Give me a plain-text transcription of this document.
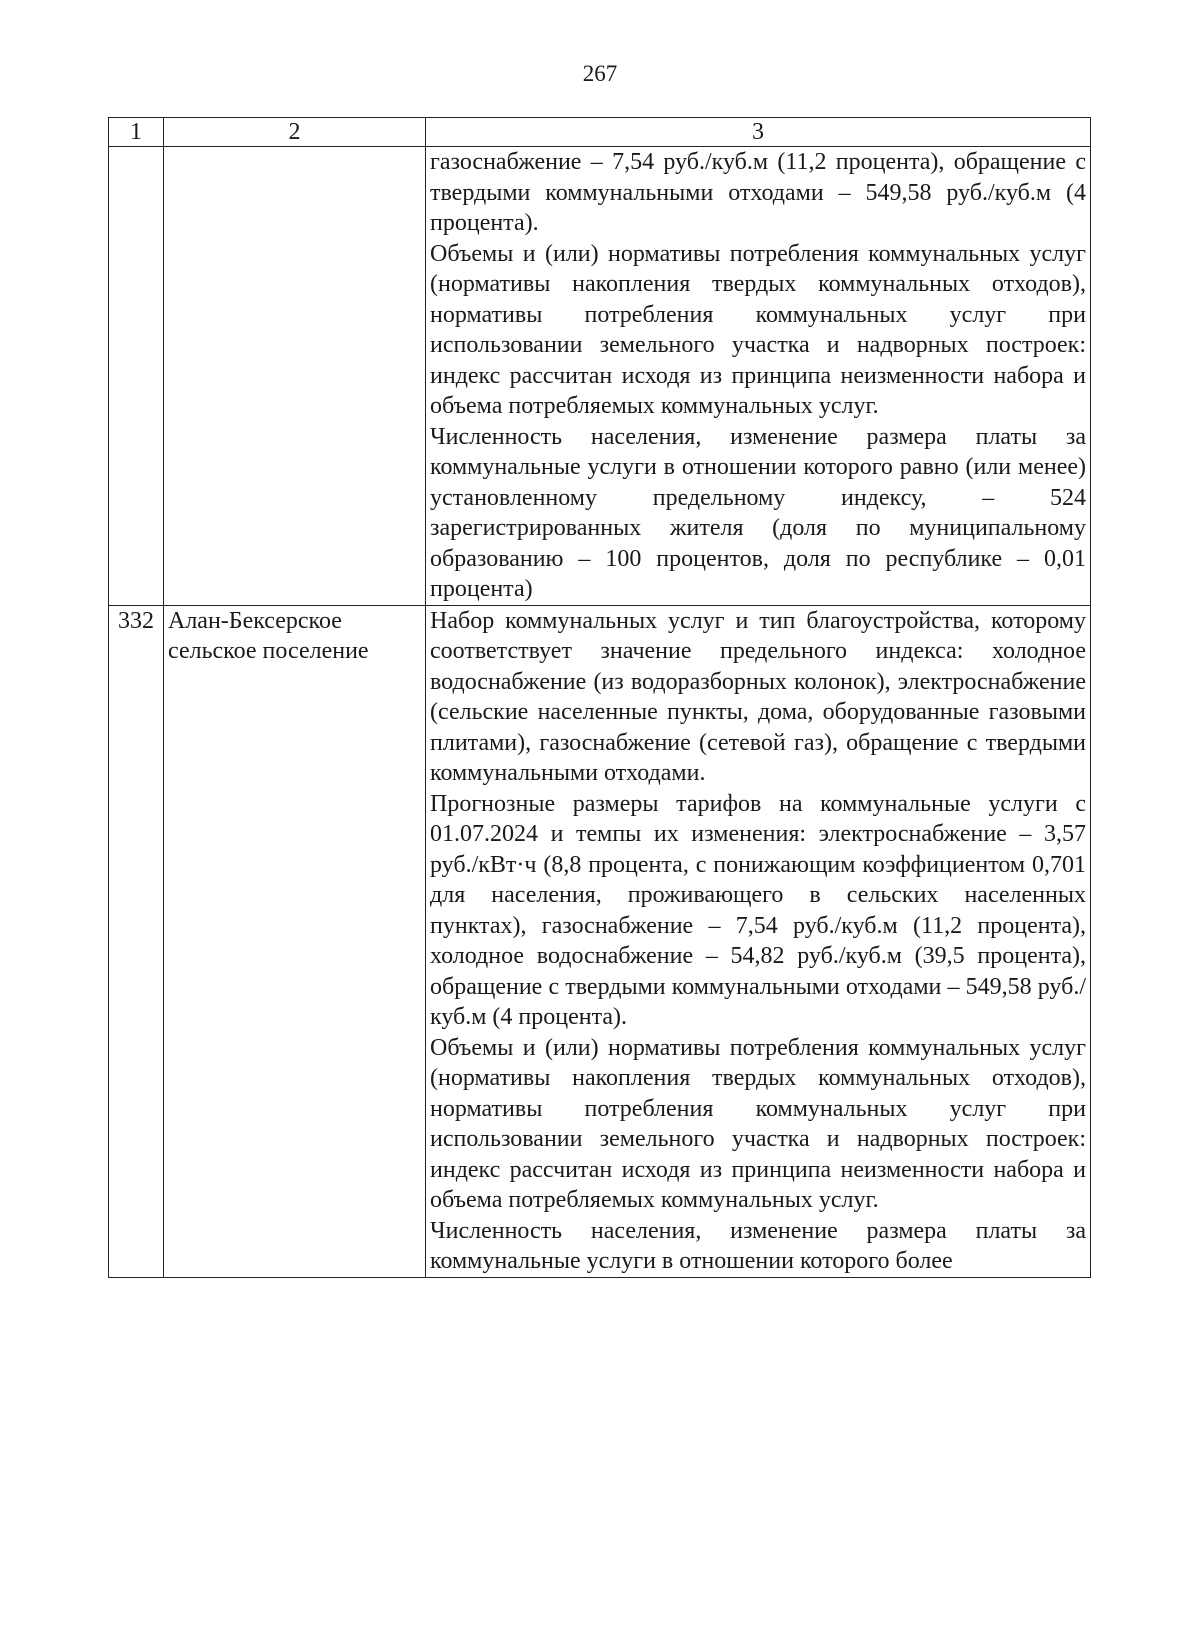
267
1	2	3

		газоснабжение – 7,54 руб./куб.м (11,2 процента), обращение с твердыми коммунальными отходами – 549,58 руб./куб.м (4 процента).

Объемы и (или) нормативы потребления коммунальных услуг (нормативы накопления твердых коммунальных отходов), нормативы потребления коммунальных услуг при использовании земельного участка и надворных построек: индекс рассчитан исходя из принципа неизменности набора и объема потребляемых коммунальных услуг.

Численность населения, изменение размера платы за коммунальные услуги в отношении которого равно (или менее) установленному предельному индексу, – 524 зарегистрированных жителя (доля по муниципальному образованию – 100 процентов, доля по республике – 0,01 процента)

332	Алан-Бексерское сельское поселение	Набор коммунальных услуг и тип благоустройства, которому соответствует значение предельного индекса: холодное водоснабжение (из водоразборных колонок), электроснабжение (сельские населенные пункты, дома, оборудованные газовыми плитами), газоснабжение (сетевой газ), обращение с твердыми коммунальными отходами.

Прогнозные размеры тарифов на коммунальные услуги с 01.07.2024 и темпы их изменения: электроснабжение – 3,57 руб./кВт·ч (8,8 процента, с понижающим коэффициентом 0,701 для населения, проживающего в сельских населенных пунктах), газоснабжение – 7,54 руб./куб.м (11,2 процента), холодное водоснабжение – 54,82 руб./куб.м (39,5 процента), обращение с твердыми коммунальными отходами – 549,58 руб./куб.м (4 процента).

Объемы и (или) нормативы потребления коммунальных услуг (нормативы накопления твердых коммунальных отходов), нормативы потребления коммунальных услуг при использовании земельного участка и надворных построек: индекс рассчитан исходя из принципа неизменности набора и объема потребляемых коммунальных услуг.

Численность населения, изменение размера платы за коммунальные услуги в отношении которого более
